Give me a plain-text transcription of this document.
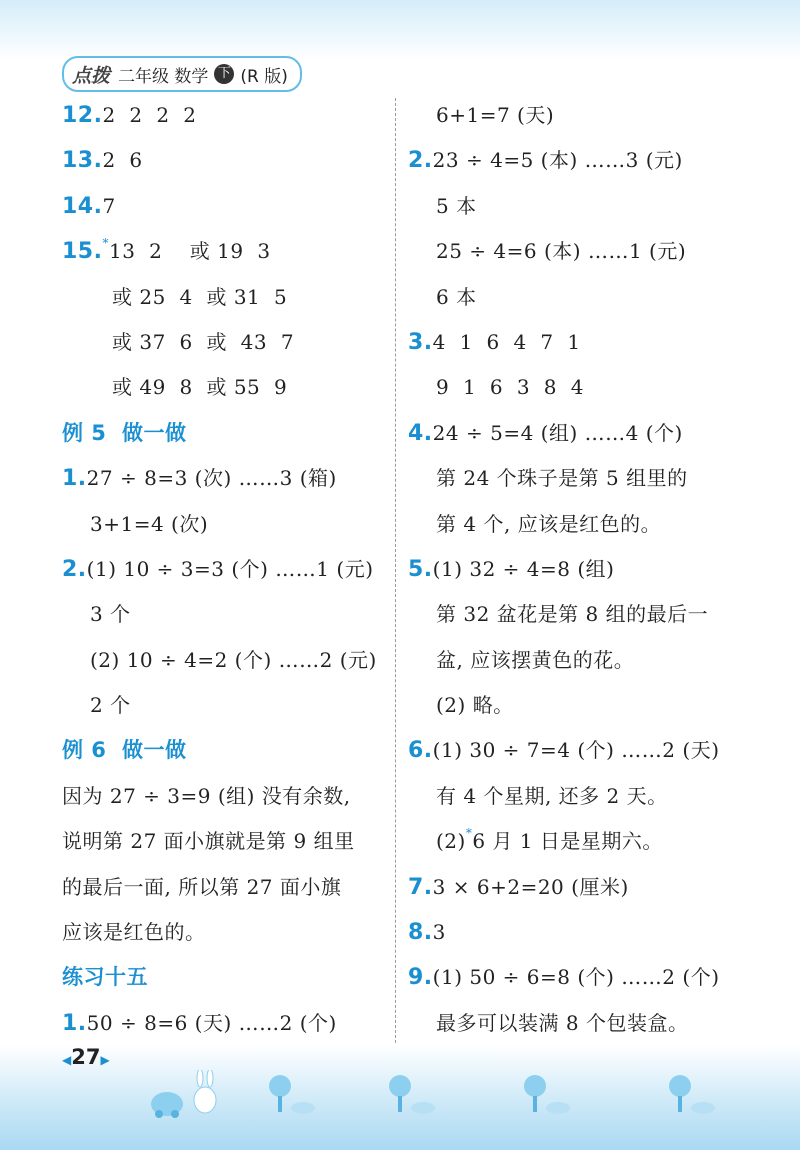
点拨 二年级 数学 下 (R 版)
12.2  2  2  2
13.2  6
14.7
15.*13  2    或 19  3
或 25  4  或 31  5
或 37  6  或  43  7
或 49  8  或 55  9
例 5  做一做
1.27 ÷ 8=3 (次) ……3 (箱)
3+1=4 (次)
2.(1) 10 ÷ 3=3 (个) ……1 (元)
3 个
(2) 10 ÷ 4=2 (个) ……2 (元)
2 个
例 6  做一做
因为 27 ÷ 3=9 (组) 没有余数,
说明第 27 面小旗就是第 9 组里
的最后一面, 所以第 27 面小旗
应该是红色的。
练习十五
1.50 ÷ 8=6 (天) ……2 (个)
6+1=7 (天)
2.23 ÷ 4=5 (本) ……3 (元)
5 本
25 ÷ 4=6 (本) ……1 (元)
6 本
3.4  1  6  4  7  1
9  1  6  3  8  4
4.24 ÷ 5=4 (组) ……4 (个)
第 24 个珠子是第 5 组里的
第 4 个, 应该是红色的。
5.(1) 32 ÷ 4=8 (组)
第 32 盆花是第 8 组的最后一
盆, 应该摆黄色的花。
(2) 略。
6.(1) 30 ÷ 7=4 (个) ……2 (天)
有 4 个星期, 还多 2 天。
(2)*6 月 1 日是星期六。
7.3 × 6+2=20 (厘米)
8.3
9.(1) 50 ÷ 6=8 (个) ……2 (个)
最多可以装满 8 个包装盒。
◀27▶
